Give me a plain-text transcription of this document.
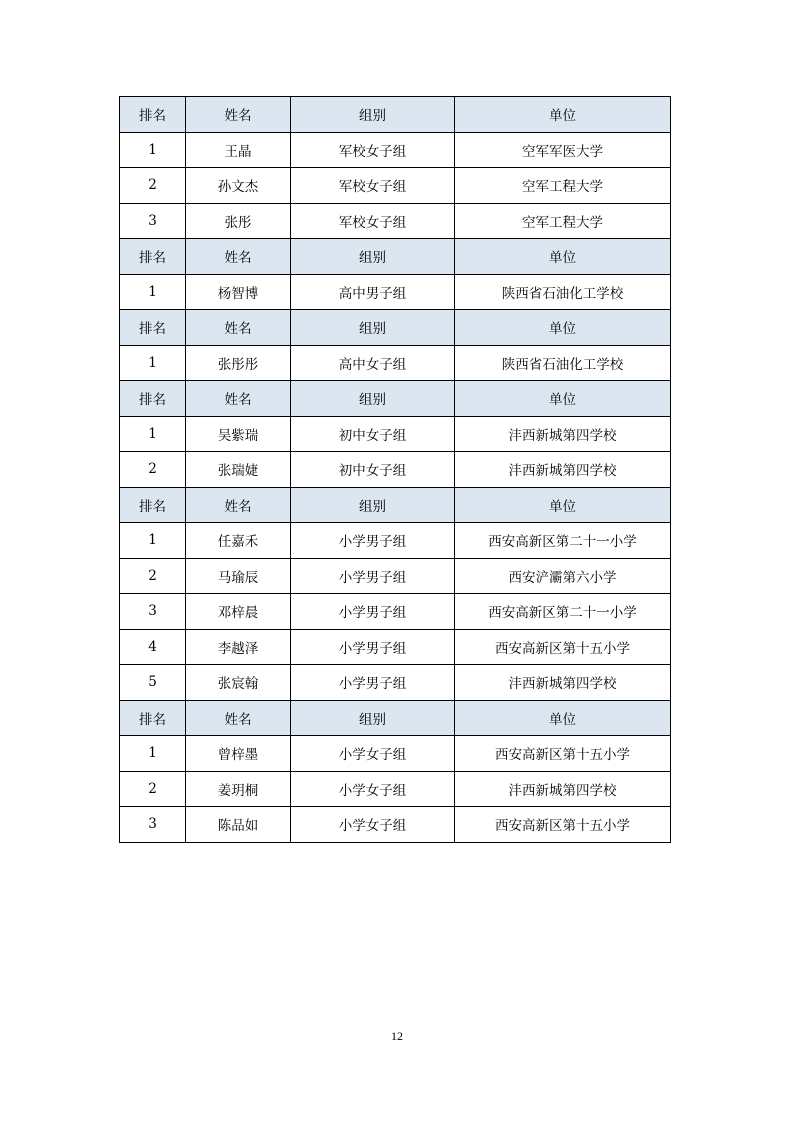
排名	姓名	组别	单位
1	王晶	军校女子组	空军军医大学
2	孙文杰	军校女子组	空军工程大学
3	张彤	军校女子组	空军工程大学
排名	姓名	组别	单位
1	杨智博	高中男子组	陕西省石油化工学校
排名	姓名	组别	单位
1	张彤彤	高中女子组	陕西省石油化工学校
排名	姓名	组别	单位
1	吴紫瑞	初中女子组	沣西新城第四学校
2	张瑞婕	初中女子组	沣西新城第四学校
排名	姓名	组别	单位
1	任嘉禾	小学男子组	西安高新区第二十一小学
2	马瑜辰	小学男子组	西安浐灞第六小学
3	邓梓晨	小学男子组	西安高新区第二十一小学
4	李越泽	小学男子组	西安高新区第十五小学
5	张宸翰	小学男子组	沣西新城第四学校
排名	姓名	组别	单位
1	曾梓墨	小学女子组	西安高新区第十五小学
2	姜玥桐	小学女子组	沣西新城第四学校
3	陈品如	小学女子组	西安高新区第十五小学
12
